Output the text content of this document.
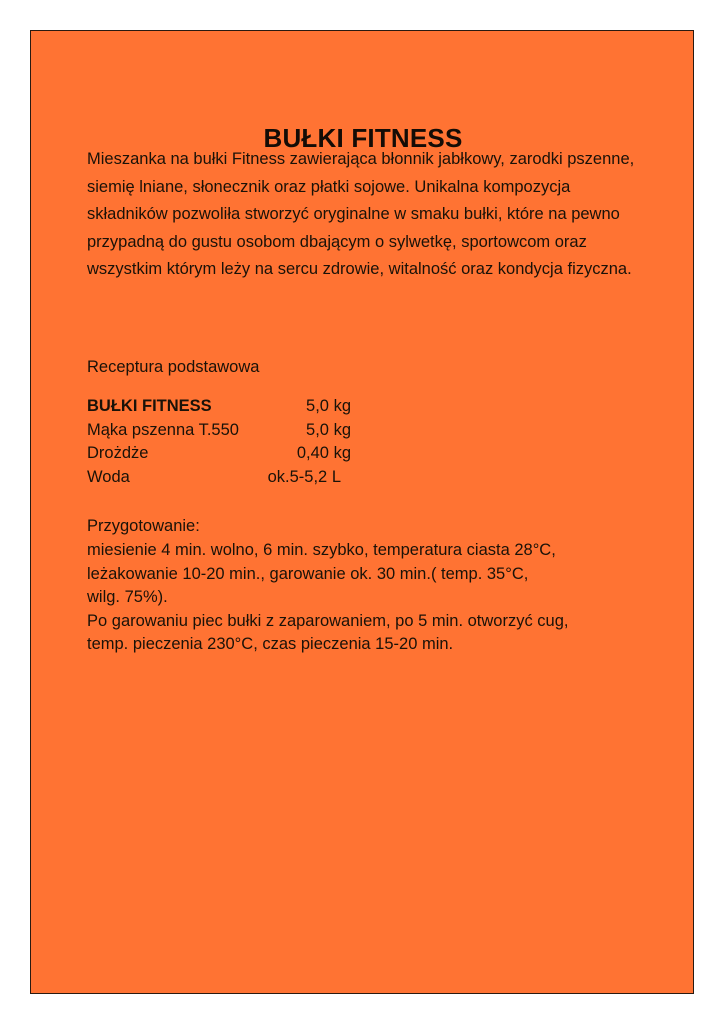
BUŁKI FITNESS
Mieszanka na bułki Fitness zawierająca błonnik jabłkowy, zarodki pszenne, siemię lniane, słonecznik oraz płatki sojowe. Unikalna kompozycja składników pozwoliła stworzyć oryginalne w smaku bułki, które na pewno przypadną do gustu osobom dbającym o sylwetkę, sportowcom oraz wszystkim którym leży na sercu zdrowie, witalność oraz kondycja fizyczna.
Receptura podstawowa
BUŁKI FITNESS	5,0 kg
Mąka pszenna T.550	5,0 kg
Drożdże	0,40 kg
Woda	ok.5-5,2 L
Przygotowanie:
miesienie 4 min. wolno, 6 min. szybko, temperatura ciasta 28°C,
leżakowanie 10-20 min., garowanie ok. 30 min.( temp. 35°C,
wilg. 75%).
Po garowaniu piec bułki z zaparowaniem, po 5 min. otworzyć cug,
temp. pieczenia 230°C, czas pieczenia 15-20 min.
